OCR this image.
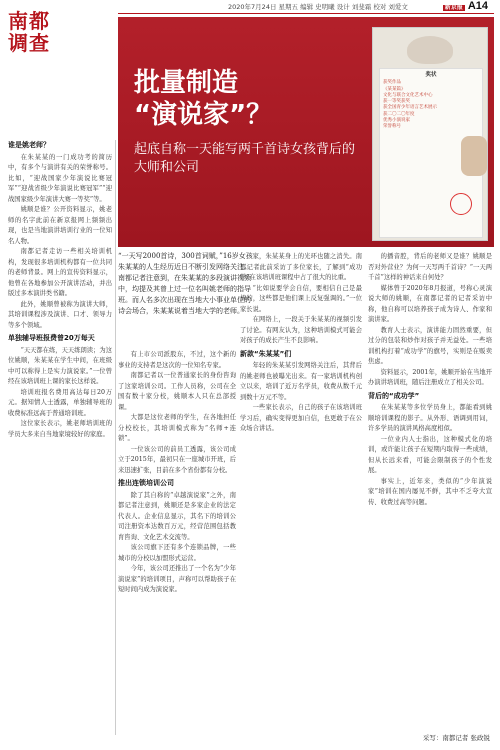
2020年7月24日 星期五 编辑 史明曦 设计 刘斐霜 校对 刘爱文	新京报 A14
南都
调查
批量制造
“演说家”？
起底自称一天能写两千首诗女孩背后的大师和公司
奖状

获奖作品

《某某篇》

文化与联合文化艺术中心

获一等奖获奖

获全国青少年语言艺术展示

获二〇二〇年度

优秀小演说家

荣誉称号

谁是姚老师？

在朱某某的一门成功考的简历中，有多个与演讲有关的荣誉称号。比如，“迎战国家少年演说比赛冠军”“迎战省级少年演说比赛冠军”“迎战国家级少年演讲大赛一等奖”等。

姚顺是谁？公开资料显示，姚老师的名字此前在新京报网上频频出现，也是当地演讲培训行业的一位知名人物。

南都记者走访一些相关培训机构，发现很多培训机构都有一位共同的老师背景。网上的宣传资料显示，他曾在各地参加公开演讲活动，并出版过多本演讲类书籍。

此外，姚顺曾被称为演讲大师，其培训课程涉及演讲、口才、领导力等多个领域。

单独辅导班报费曾20万每天

“天天都在练，天天练朗读；为这位姚顺，朱某某在学生中间，在班级中可以称得上是实力演说家。”一位曾经在该培训班上课的家长这样说。

培训班报名费用高达每日20万元。据知情人士透露，单独辅导班的收费标准远高于普通培训班。

这位家长表示，姚老师培训班的学员大多来自当地家境较好的家庭。

“一天写2000首诗，300首词赋，”16岁女孩朱某某的人生经历近日不断引发网络关注。南都记者注意到，在朱某某的多段演讲视频中，均提及其曾上过一位名叫姚老师的指导班。而人名多次出现在当地大小事业单位的诗会场合，朱某某说着当地大学的老师。

有上市公司派股东，不过，这个新的事业的支持者是这次的一位知名专家。

南都记者以一位普通家长的身份咨询了这家培训公司。工作人员称，公司在全国有数十家分校，姚顺本人只在总部授课。

大都是这位老师的学生，在各地担任分校校长，其培训模式称为“名师+连锁”。

一位该公司的前员工透露，该公司成立于2015年，最初只在一座城市开班，后来迅速扩张，目前在多个省份都有分校。

推出连锁培训公司

除了其自称的“卓越演说家”之外，南都记者注意到，姚顺还是多家企业的法定代表人。企业信息显示，其名下的培训公司注册资本达数百万元，经营范围包括教育咨询、文化艺术交流等。

该公司旗下还有多个连锁品牌，一些城市的分校以加盟形式运营。

今年，该公司还推出了一个名为“少年演说家”的培训项目，声称可以帮助孩子在短时间内成为演说家。

家，朱某某身上的光环也随之消失。南都记者此前采访了多位家长，了解到“成功学”在该培训班课程中占了很大的比重。

“比如说要学会自信，要相信自己是最棒的，这些都是他们课上反复强调的。”一位家长说。

在网络上，一段关于朱某某的视频引发了讨论。有网友认为，这种培训模式可能会对孩子的成长产生不良影响。

新款“朱某某”们

年轻的朱某某引发网络关注后，其背后的姚老师也被曝光出来。有一家培训机构创立以来，培训了近万名学员，收费从数千元到数十万元不等。

一些家长表示，自己的孩子在该培训班学习后，确实变得更加自信，也更敢于在公众场合讲话。

的播音腔，背后的老师又是谁？姚顺是否对外营业？为何一天写两千首诗？“一天两千首”这样的神话来自何处？

媒体曾于2020年8月报道，号称心灵演说大师的姚顺，在南都记者的记者采访中称，他自称可以培养孩子成为诗人、作家和演讲家。

教育人士表示，演讲能力固然重要，但过分的包装和炒作对孩子并无益处。一些培训机构打着“成功学”的旗号，实则是在贩卖焦虑。

资料显示，2001年，姚顺开始在当地开办演讲培训班，随后注册成立了相关公司。

背后的“成功学”

在朱某某等多位学员身上，都能看到姚顺培训课程的影子。从外形、语调到用词，许多学员的演讲风格高度相似。

一位业内人士指出，这种模式化的培训，或许能让孩子在短期内取得一些成绩，但从长远来看，可能会限制孩子的个性发展。

事实上，近年来，类似的“少年演说家”培训在国内屡见不鲜，其中不乏夸大宣传、收费过高等问题。

采写：南都记者 张政锐
